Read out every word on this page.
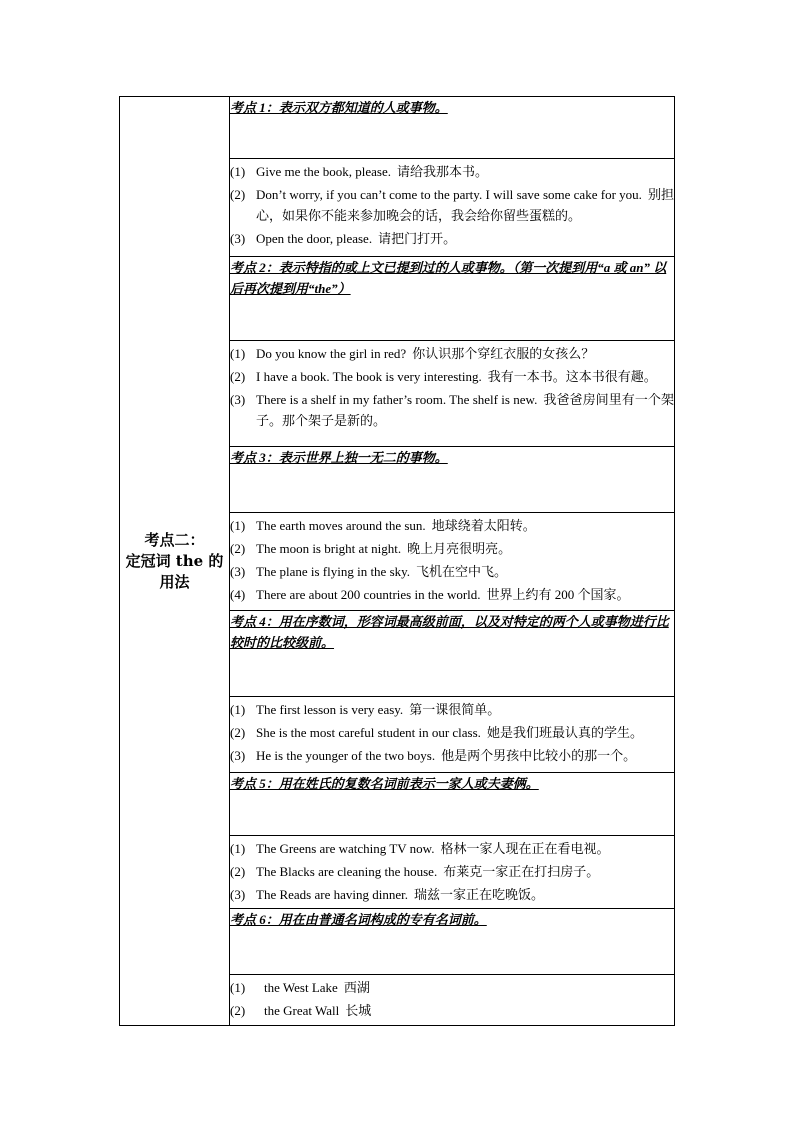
考点二：
定冠词 the 的
用法

考点 1：表示双方都知道的人或事物。

(1) Give me the book, please. 请给我那本书。
(2) Don’t worry, if you can’t come to the party. I will save some cake for you. 别担心，如果你不能来参加晚会的话，我会给你留些蛋糕的。
(3) Open the door, please. 请把门打开。

考点 2：表示特指的或上文已提到过的人或事物。（第一次提到用“a 或 an” 以后再次提到用“the”）

(1) Do you know the girl in red? 你认识那个穿红衣服的女孩么？
(2) I have a book. The book is very interesting. 我有一本书。这本书很有趣。
(3) There is a shelf in my father’s room. The shelf is new. 我爸爸房间里有一个架子。那个架子是新的。

考点 3：表示世界上独一无二的事物。

(1) The earth moves around the sun. 地球绕着太阳转。
(2) The moon is bright at night. 晚上月亮很明亮。
(3) The plane is flying in the sky. 飞机在空中飞。
(4) There are about 200 countries in the world. 世界上约有 200 个国家。

考点 4：用在序数词，形容词最高级前面，以及对特定的两个人或事物进行比较时的比较级前。

(1) The first lesson is very easy. 第一课很简单。
(2) She is the most careful student in our class. 她是我们班最认真的学生。
(3) He is the younger of the two boys. 他是两个男孩中比较小的那一个。

考点 5：用在姓氏的复数名词前表示一家人或夫妻俩。

(1) The Greens are watching TV now. 格林一家人现在正在看电视。
(2) The Blacks are cleaning the house. 布莱克一家正在打扫房子。
(3) The Reads are having dinner. 瑞兹一家正在吃晚饭。

考点 6：用在由普通名词构成的专有名词前。

(1)	the West Lake 西湖
(2)	the Great Wall 长城
